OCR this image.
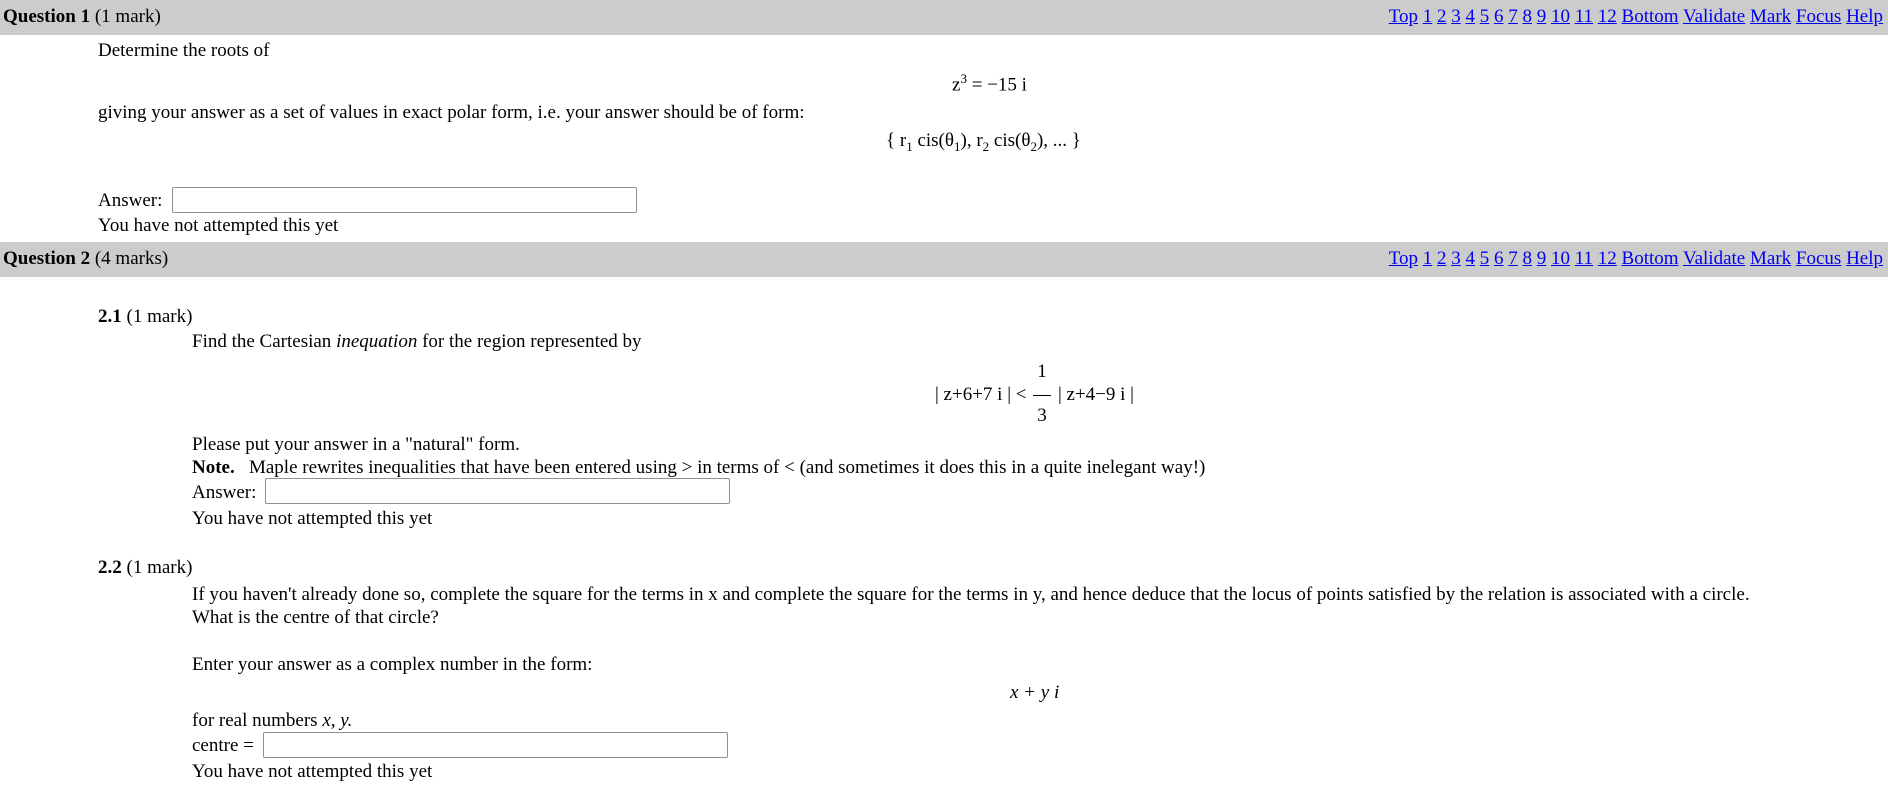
Question 1 (1 mark)	Top 1 2 3 4 5 6 7 8 9 10 11 12 Bottom Validate Mark Focus Help
Determine the roots of
$z^3 = -15$ i
giving your answer as a set of values in exact polar form, i.e. your answer should be of form:
{ $r_1$ $cis(\theta_1)$, $r_2$ $cis(\theta_2)$, ... }
Answer:
You have not attempted this yet
Question 2 (4 marks)	Top 1 2 3 4 5 6 7 8 9 10 11 12 Bottom Validate Mark Focus Help
2.1 (1 mark)
Find the Cartesian inequation for the region represented by
| z+6+7 i | <  | z+4−9 i |
1
3
Please put your answer in a "natural" form.
Note. Maple rewrites inequalities that have been entered using > in terms of < (and sometimes it does this in a quite inelegant way!)
Answer:
You have not attempted this yet
2.2 (1 mark)
If you haven't already done so, complete the square for the terms in x and complete the square for the terms in y, and hence deduce that the locus of points satisfied by the relation is associated with a circle.
What is the centre of that circle?
Enter your answer as a complex number in the form:
x + y i
for real numbers x, y.
centre =
You have not attempted this yet
